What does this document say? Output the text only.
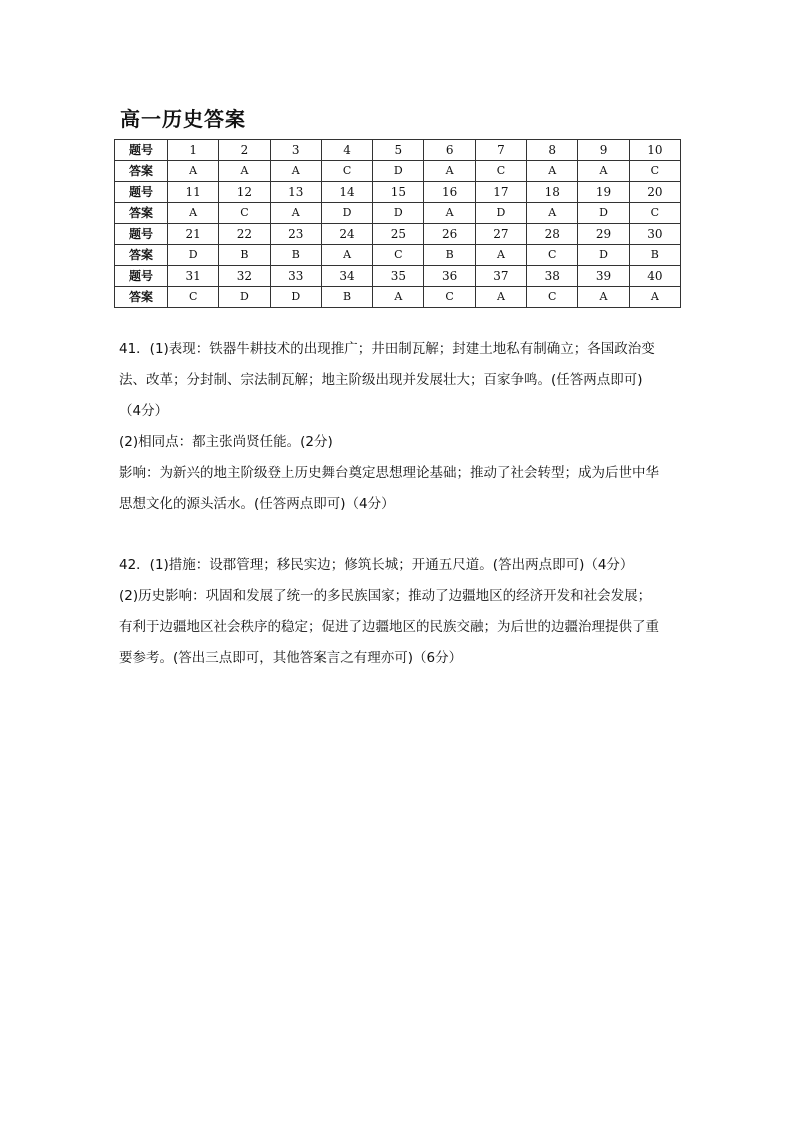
高一历史答案
题号	1	2	3	4	5	6	7	8	9	10
答案	A	A	A	C	D	A	C	A	A	C
题号	11	12	13	14	15	16	17	18	19	20
答案	A	C	A	D	D	A	D	A	D	C
题号	21	22	23	24	25	26	27	28	29	30
答案	D	B	B	A	C	B	A	C	D	B
题号	31	32	33	34	35	36	37	38	39	40
答案	C	D	D	B	A	C	A	C	A	A

41．(1)表现：铁器牛耕技术的出现推广；井田制瓦解；封建土地私有制确立；各国政治变

法、改革；分封制、宗法制瓦解；地主阶级出现并发展壮大；百家争鸣。(任答两点即可)

（4分）

(2)相同点：都主张尚贤任能。(2分)

影响：为新兴的地主阶级登上历史舞台奠定思想理论基础；推动了社会转型；成为后世中华

思想文化的源头活水。(任答两点即可)（4分）

42．(1)措施：设郡管理；移民实边；修筑长城；开通五尺道。(答出两点即可)（4分）

(2)历史影响：巩固和发展了统一的多民族国家；推动了边疆地区的经济开发和社会发展；

有利于边疆地区社会秩序的稳定；促进了边疆地区的民族交融；为后世的边疆治理提供了重

要参考。(答出三点即可，其他答案言之有理亦可)（6分）
